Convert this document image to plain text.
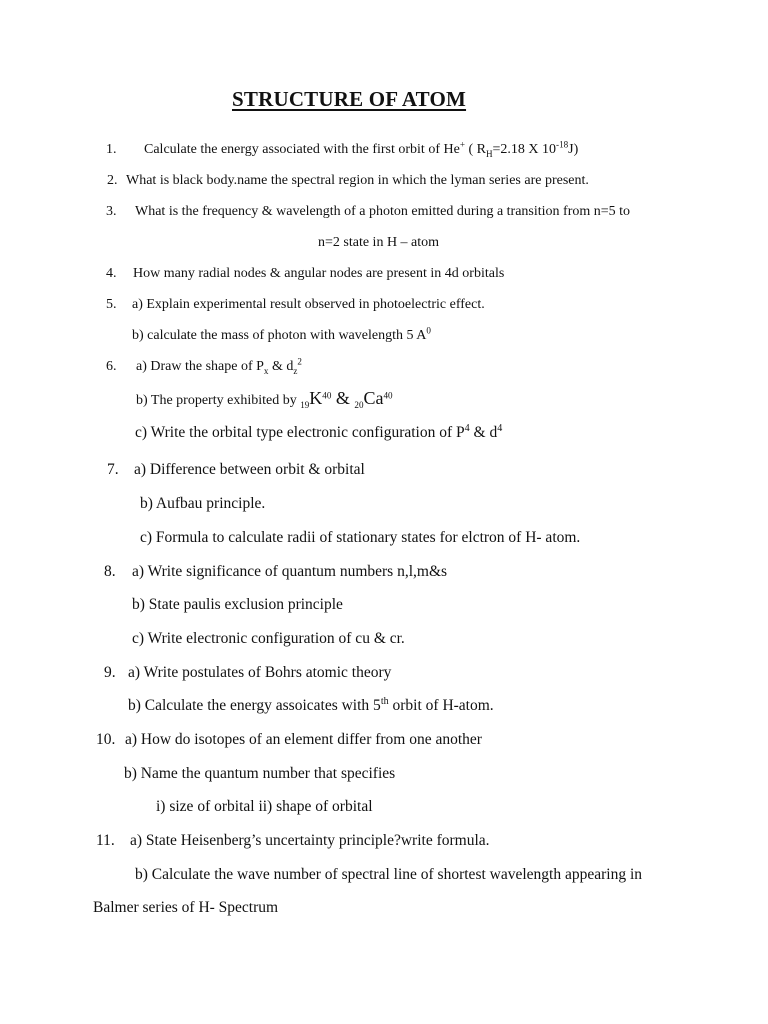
STRUCTURE OF ATOM
1. Calculate the energy associated with the first orbit of He+ ( $R_H=2.18$ X $10^{-18}J$)
2. What is black body.name the spectral region in which the lyman series are present.
3. What is the frequency & wavelength of a photon emitted during a transition from n=5 to
n=2 state in H – atom
4. How many radial nodes & angular nodes are present in 4d orbitals
5. a) Explain experimental result observed in photoelectric effect.
b) calculate the mass of photon with wavelength 5 $A^0$
6. a) Draw the shape of $P_x$ & $d_z^2$
b) The property exhibited by $_{19}K^{40}$ & $_{20}Ca^{40}$
c) Write the orbital type electronic configuration of $P^4$ & $d^4$
7. a) Difference between orbit & orbital
b) Aufbau principle.
c) Formula to calculate radii of stationary states for elctron of H- atom.
8. a) Write significance of quantum numbers n,l,m&s
b) State paulis exclusion principle
c) Write electronic configuration of cu & cr.
9. a) Write postulates of Bohrs atomic theory
b) Calculate the energy assoicates with 5th orbit of H-atom.
10. a) How do isotopes of an element differ from one another
b) Name the quantum number that specifies
i) size of orbital ii) shape of orbital
11. a) State Heisenberg’s uncertainty principle?write formula.
b) Calculate the wave number of spectral line of shortest wavelength appearing in
Balmer series of H- Spectrum
